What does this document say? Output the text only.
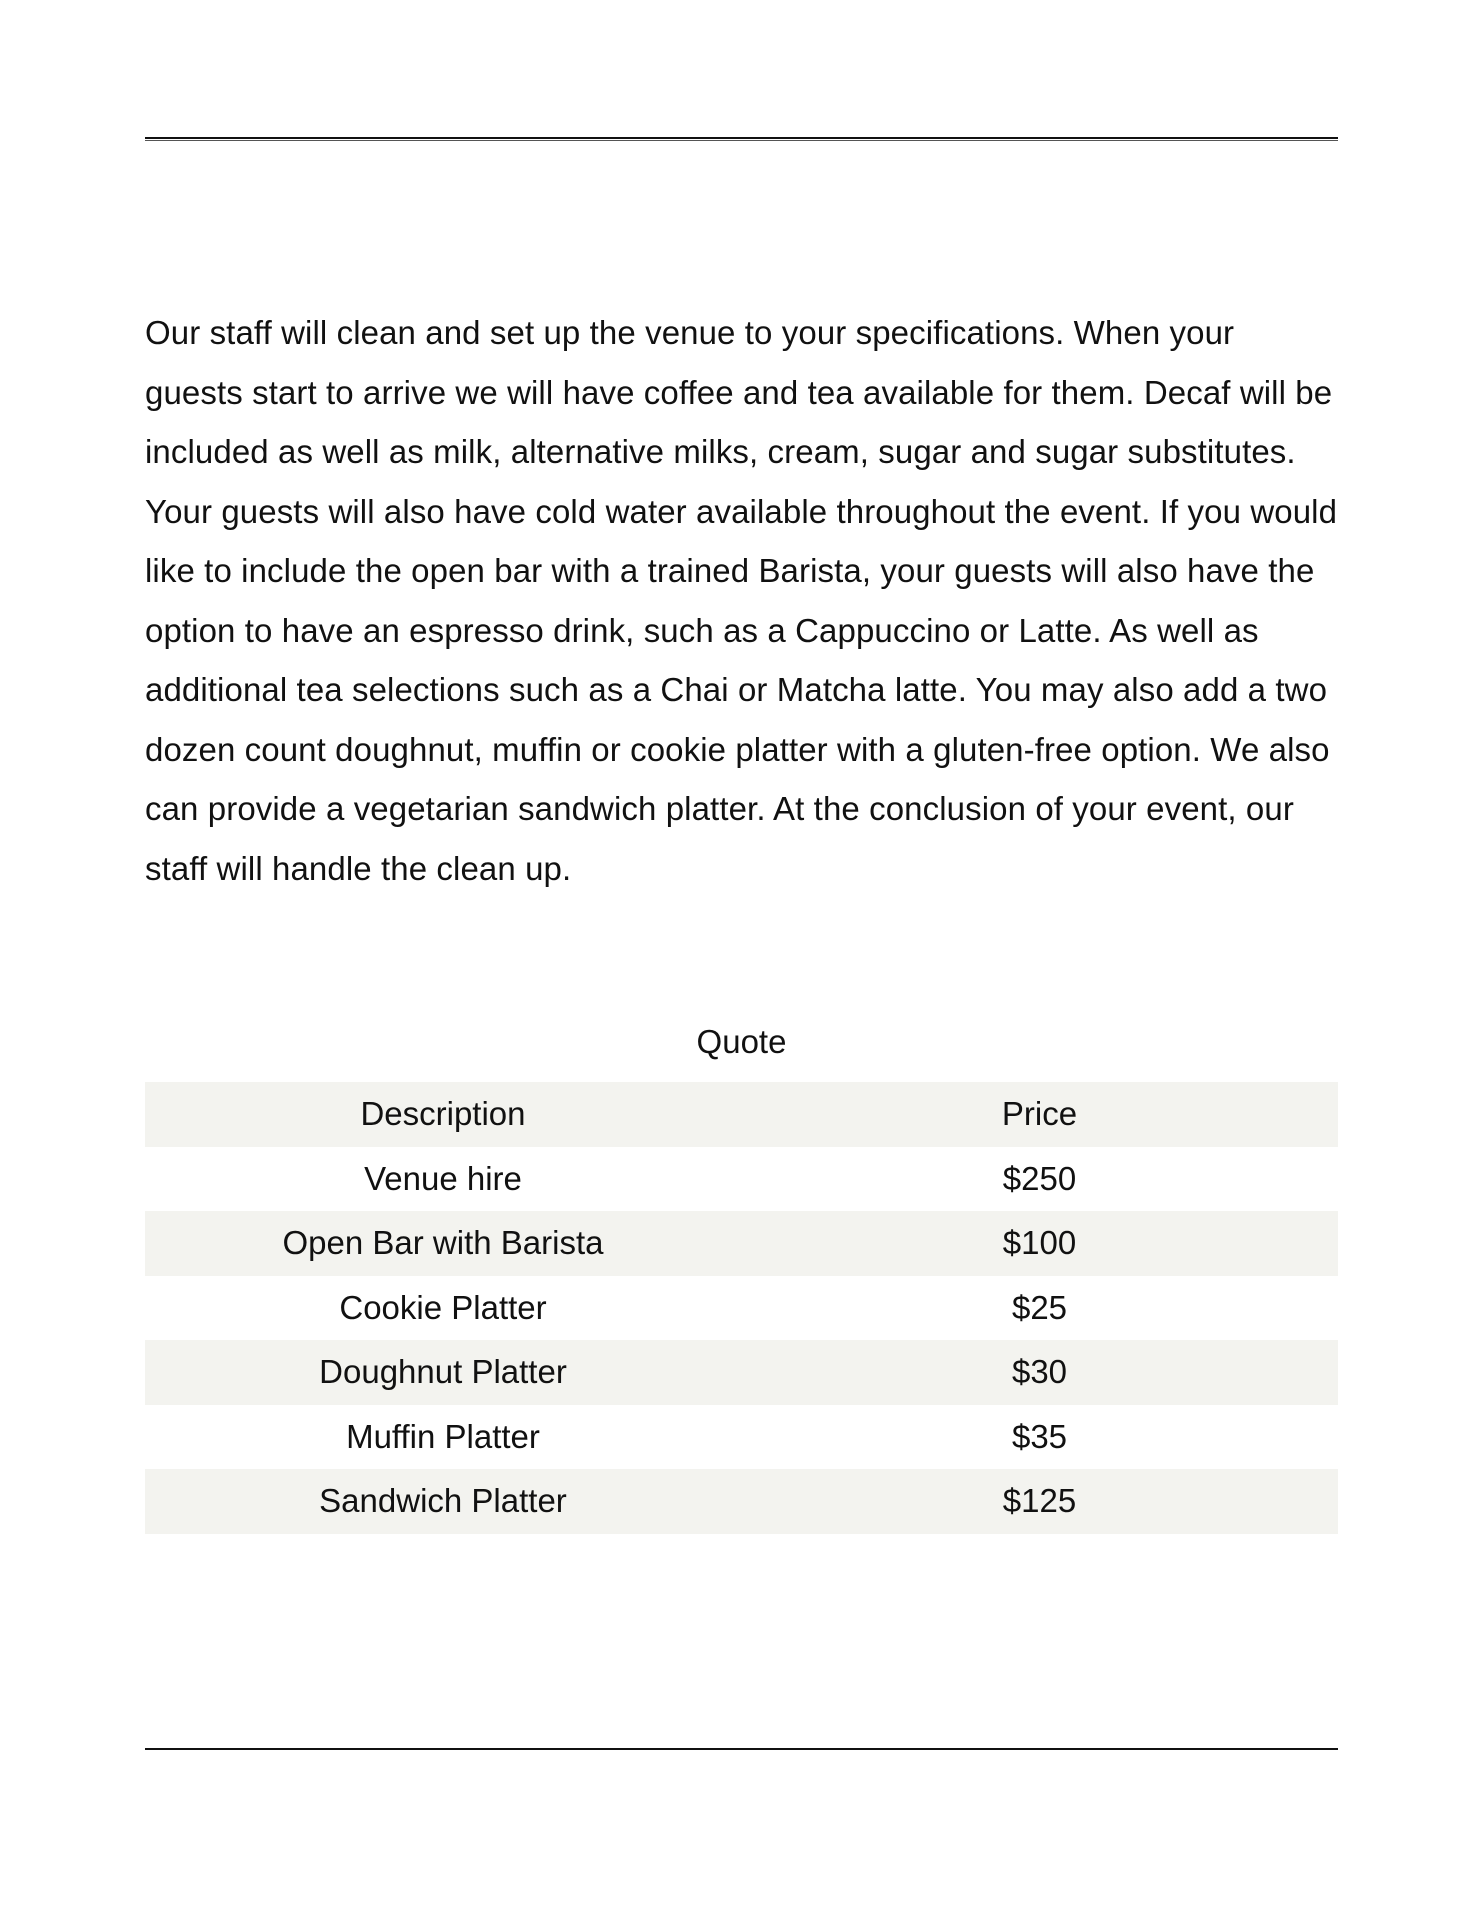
Our staff will clean and set up the venue to your specifications. When your guests start to arrive we will have coffee and tea available for them. Decaf will be included as well as milk, alternative milks, cream, sugar and sugar substitutes. Your guests will also have cold water available throughout the event. If you would like to include the open bar with a trained Barista, your guests will also have the option to have an espresso drink, such as a Cappuccino or Latte. As well as additional tea selections such as a Chai or Matcha latte. You may also add a two dozen count doughnut, muffin or cookie platter with a gluten-free option. We also can provide a vegetarian sandwich platter. At the conclusion of your event, our staff will handle the clean up.

Quote
Description	Price
Venue hire	$250
Open Bar with Barista	$100
Cookie Platter	$25
Doughnut Platter	$30
Muffin Platter	$35
Sandwich Platter	$125
